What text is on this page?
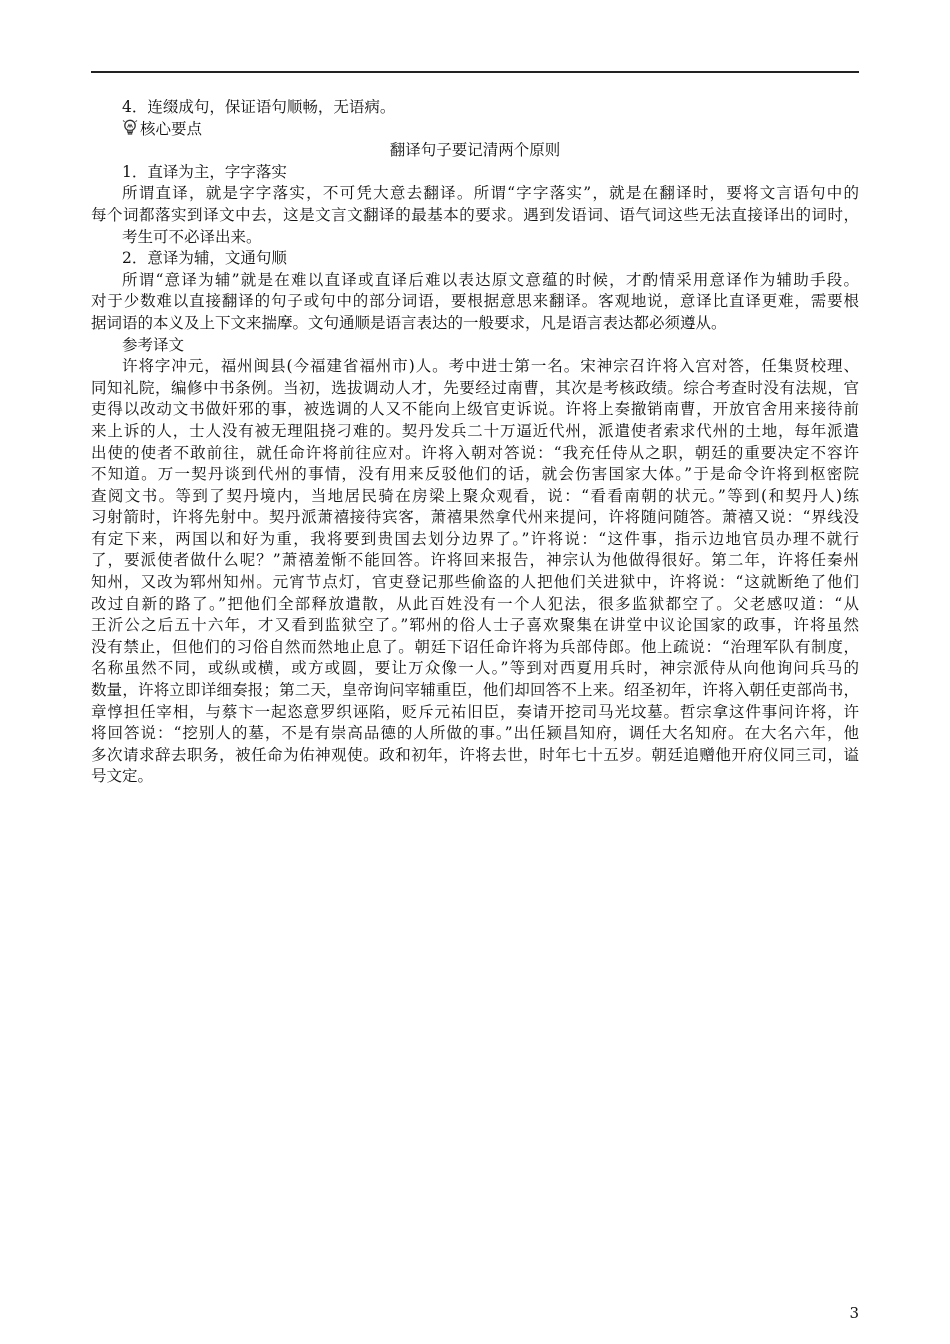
4．连缀成句，保证语句顺畅，无语病。
核心要点
翻译句子要记清两个原则
1．直译为主，字字落实
所谓直译，就是字字落实，不可凭大意去翻译。所谓“字字落实”，就是在翻译时，要将文言语句中的
每个词都落实到译文中去，这是文言文翻译的最基本的要求。遇到发语词、语气词这些无法直接译出的词时，
考生可不必译出来。
2．意译为辅，文通句顺
所谓“意译为辅”就是在难以直译或直译后难以表达原文意蕴的时候，才酌情采用意译作为辅助手段。
对于少数难以直接翻译的句子或句中的部分词语，要根据意思来翻译。客观地说，意译比直译更难，需要根
据词语的本义及上下文来揣摩。文句通顺是语言表达的一般要求，凡是语言表达都必须遵从。
参考译文
许将字冲元，福州闽县(今福建省福州市)人。考中进士第一名。宋神宗召许将入宫对答，任集贤校理、
同知礼院，编修中书条例。当初，选拔调动人才，先要经过南曹，其次是考核政绩。综合考查时没有法规，官
吏得以改动文书做奸邪的事，被选调的人又不能向上级官吏诉说。许将上奏撤销南曹，开放官舍用来接待前
来上诉的人，士人没有被无理阻挠刁难的。契丹发兵二十万逼近代州，派遣使者索求代州的土地，每年派遣
出使的使者不敢前往，就任命许将前往应对。许将入朝对答说：“我充任侍从之职，朝廷的重要决定不容许
不知道。万一契丹谈到代州的事情，没有用来反驳他们的话，就会伤害国家大体。”于是命令许将到枢密院
查阅文书。等到了契丹境内，当地居民骑在房梁上聚众观看，说：“看看南朝的状元。”等到(和契丹人)练
习射箭时，许将先射中。契丹派萧禧接待宾客，萧禧果然拿代州来提问，许将随问随答。萧禧又说：“界线没
有定下来，两国以和好为重，我将要到贵国去划分边界了。”许将说：“这件事，指示边地官员办理不就行
了，要派使者做什么呢？”萧禧羞惭不能回答。许将回来报告，神宗认为他做得很好。第二年，许将任秦州
知州，又改为郓州知州。元宵节点灯，官吏登记那些偷盗的人把他们关进狱中，许将说：“这就断绝了他们
改过自新的路了。”把他们全部释放遣散，从此百姓没有一个人犯法，很多监狱都空了。父老感叹道：“从
王沂公之后五十六年，才又看到监狱空了。”郓州的俗人士子喜欢聚集在讲堂中议论国家的政事，许将虽然
没有禁止，但他们的习俗自然而然地止息了。朝廷下诏任命许将为兵部侍郎。他上疏说：“治理军队有制度，
名称虽然不同，或纵或横，或方或圆，要让万众像一人。”等到对西夏用兵时，神宗派侍从向他询问兵马的
数量，许将立即详细奏报；第二天，皇帝询问宰辅重臣，他们却回答不上来。绍圣初年，许将入朝任吏部尚书，
章惇担任宰相，与蔡卞一起恣意罗织诬陷，贬斥元祐旧臣，奏请开挖司马光坟墓。哲宗拿这件事问许将，许
将回答说：“挖别人的墓，不是有崇高品德的人所做的事。”出任颍昌知府，调任大名知府。在大名六年，他
多次请求辞去职务，被任命为佑神观使。政和初年，许将去世，时年七十五岁。朝廷追赠他开府仪同三司，谥
号文定。
3
